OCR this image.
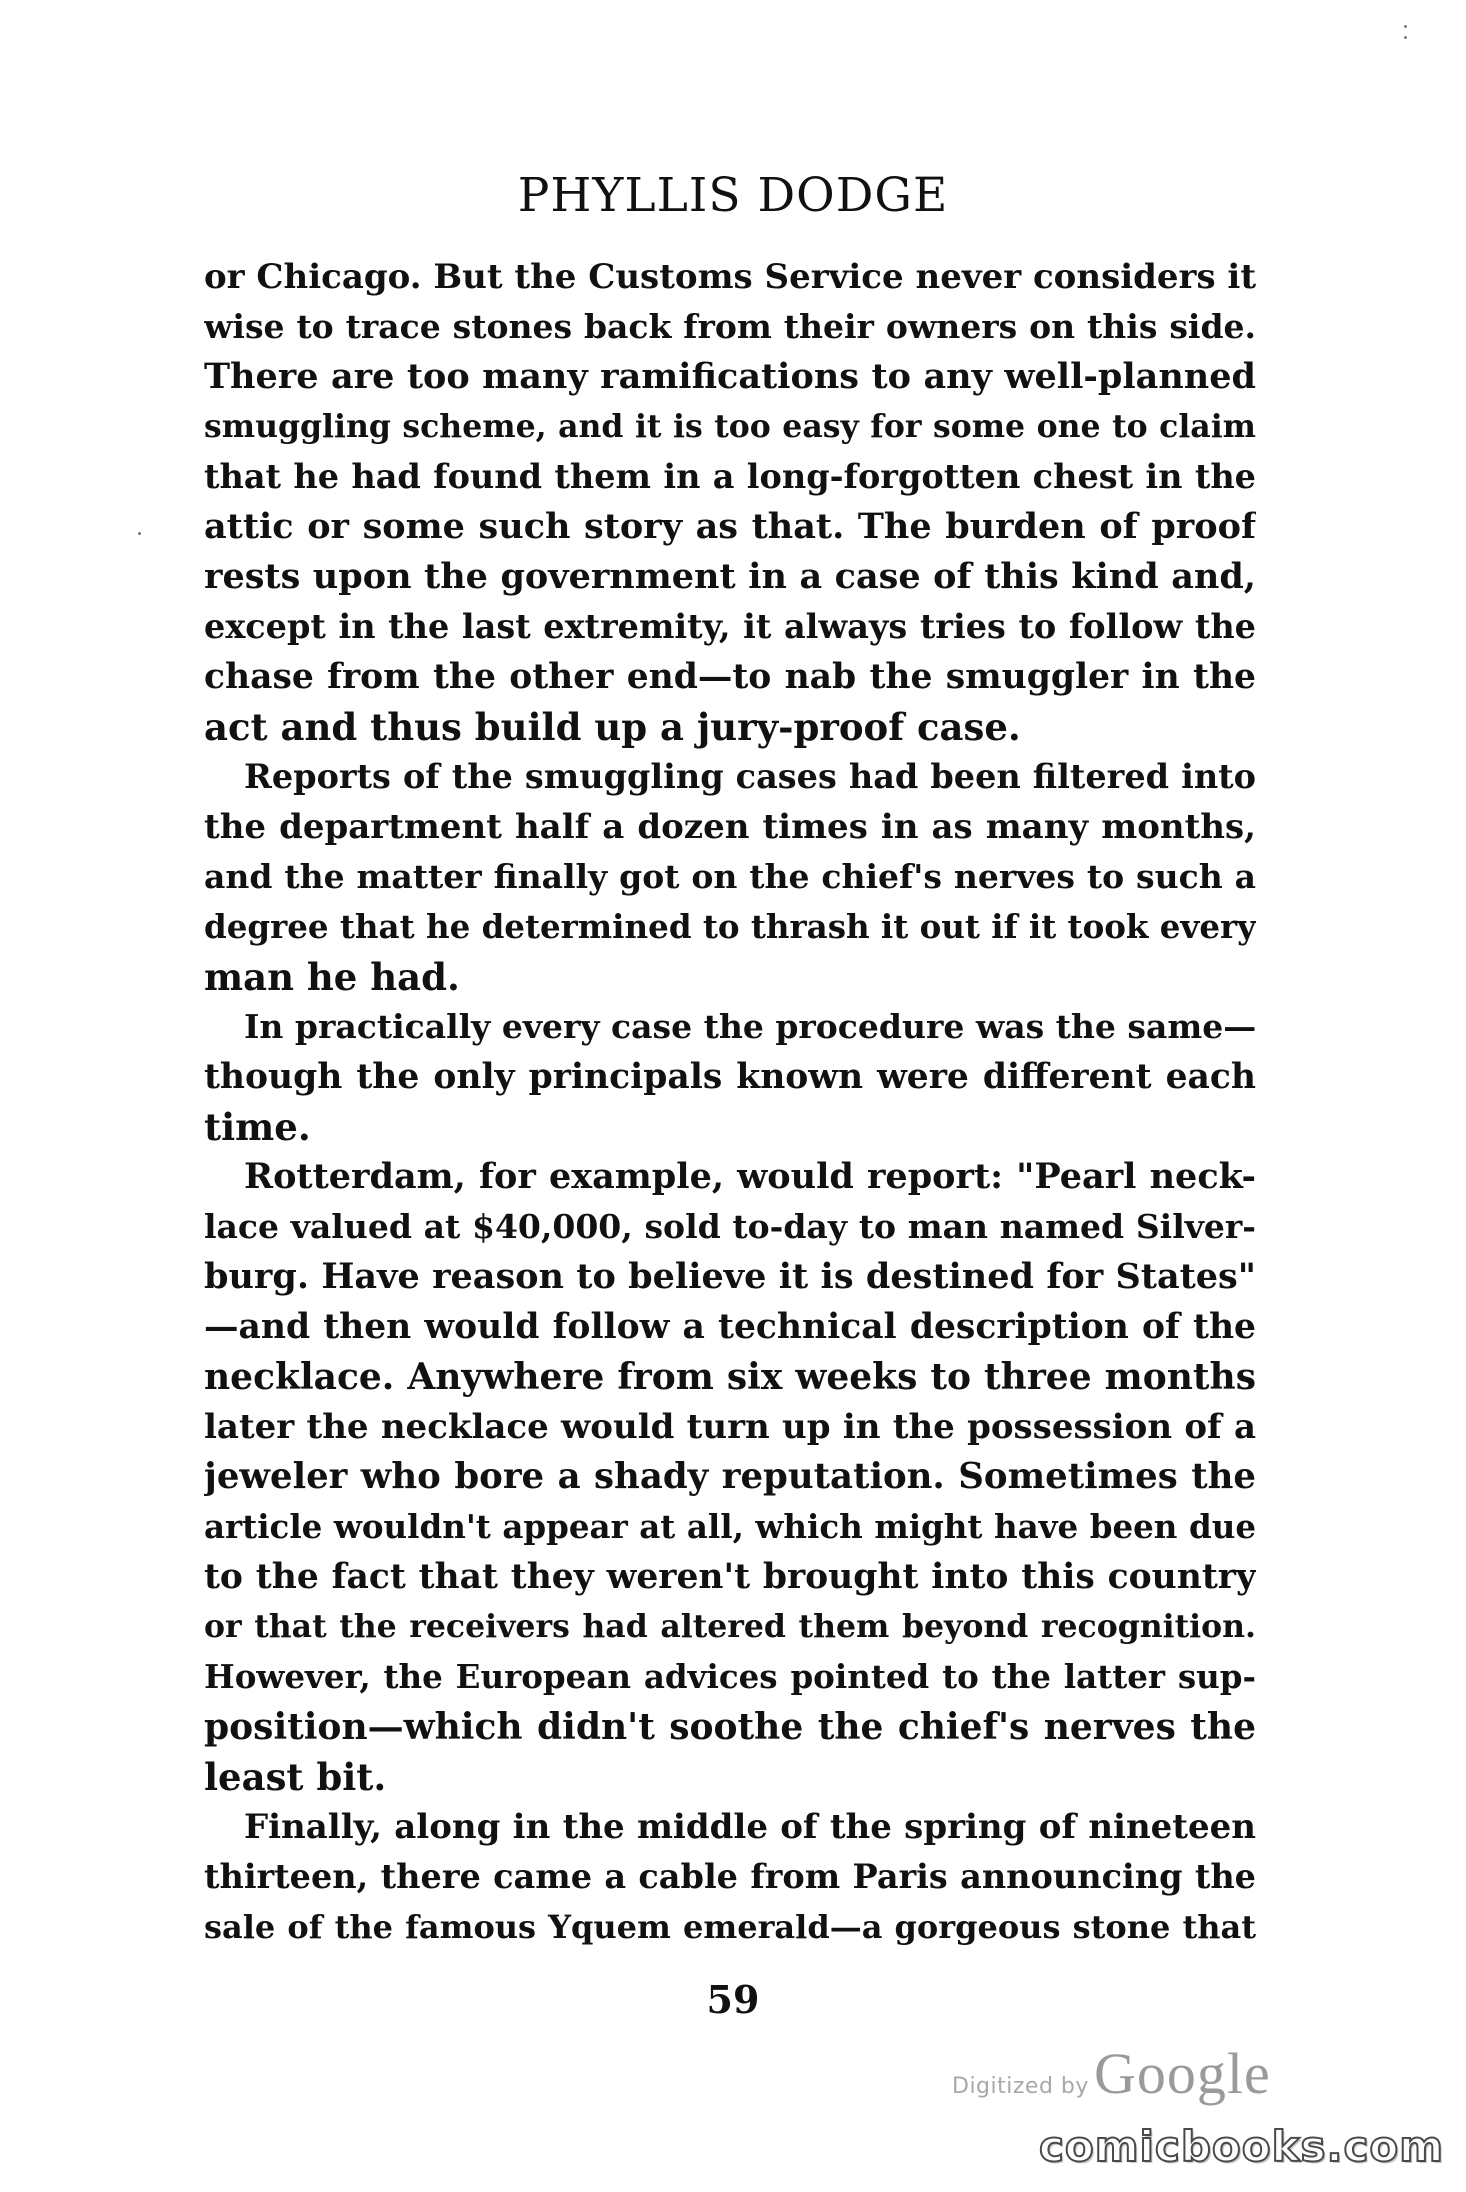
PHYLLIS DODGE
or Chicago. But the Customs Service never considers it
wise to trace stones back from their owners on this side.
There are too many ramifications to any well-planned
smuggling scheme, and it is too easy for some one to claim
that he had found them in a long-forgotten chest in the
attic or some such story as that. The burden of proof
rests upon the government in a case of this kind and,
except in the last extremity, it always tries to follow the
chase from the other end—to nab the smuggler in the
act and thus build up a jury-proof case.
Reports of the smuggling cases had been filtered into
the department half a dozen times in as many months,
and the matter finally got on the chief's nerves to such a
degree that he determined to thrash it out if it took every
man he had.
In practically every case the procedure was the same—
though the only principals known were different each
time.
Rotterdam, for example, would report: "Pearl neck-
lace valued at $40,000, sold to-day to man named Silver-
burg. Have reason to believe it is destined for States"
—and then would follow a technical description of the
necklace. Anywhere from six weeks to three months
later the necklace would turn up in the possession of a
jeweler who bore a shady reputation. Sometimes the
article wouldn't appear at all, which might have been due
to the fact that they weren't brought into this country
or that the receivers had altered them beyond recognition.
However, the European advices pointed to the latter sup-
position—which didn't soothe the chief's nerves the
least bit.
Finally, along in the middle of the spring of nineteen
thirteen, there came a cable from Paris announcing the
sale of the famous Yquem emerald—a gorgeous stone that
59
Digitized by Google
comicbooks.com
